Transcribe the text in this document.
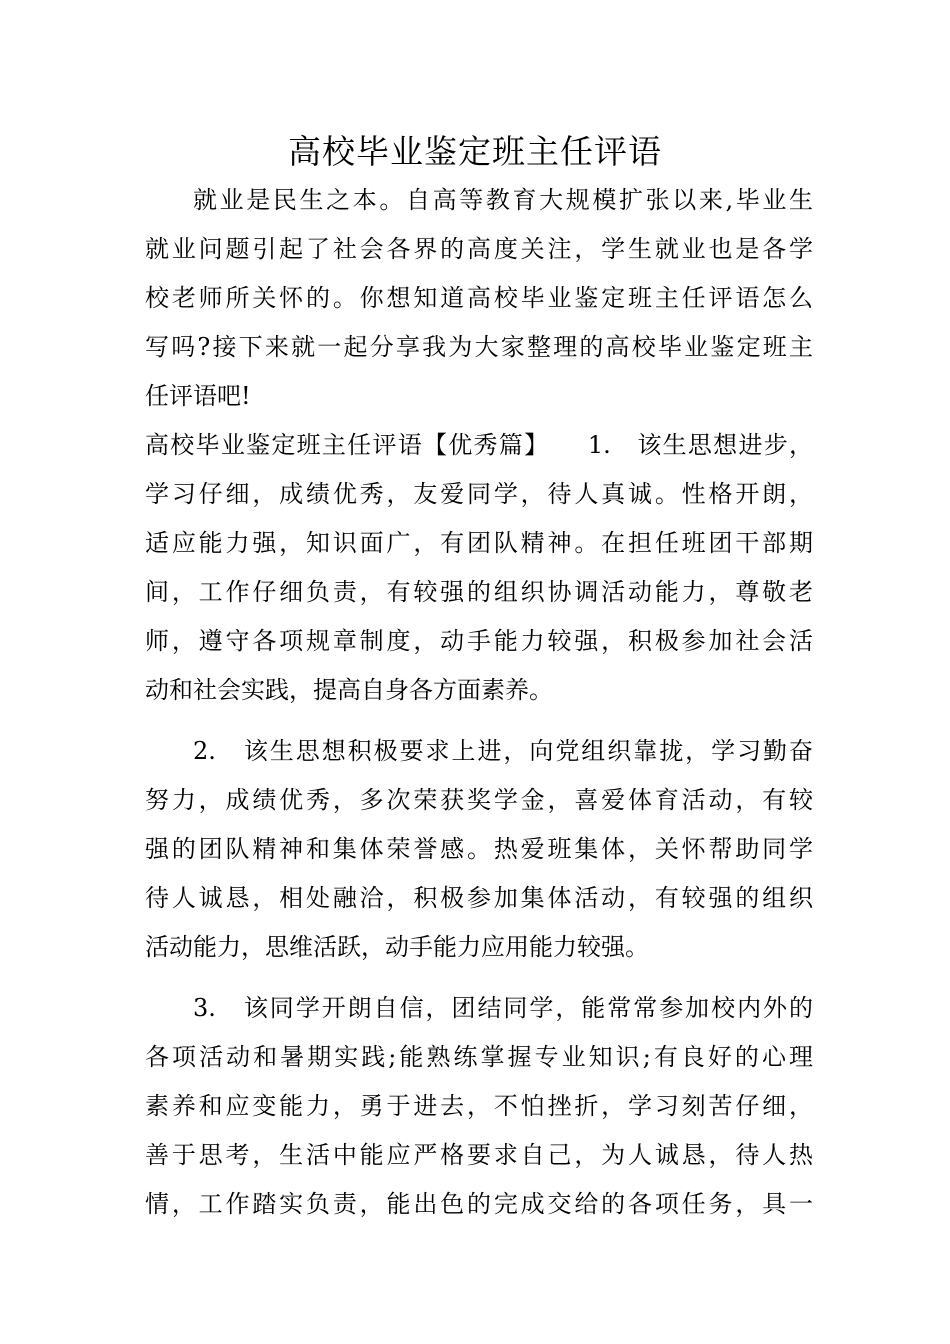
高校毕业鉴定班主任评语
就业是民生之本。自高等教育大规模扩张以来,毕业生
就业问题引起了社会各界的高度关注，学生就业也是各学
校老师所关怀的。你想知道高校毕业鉴定班主任评语怎么
写吗?接下来就一起分享我为大家整理的高校毕业鉴定班主
任评语吧!
高校毕业鉴定班主任评语【优秀篇】　　1.　该生思想进步，
学习仔细，成绩优秀，友爱同学，待人真诚。性格开朗，
适应能力强，知识面广，有团队精神。在担任班团干部期
间，工作仔细负责，有较强的组织协调活动能力，尊敬老
师，遵守各项规章制度，动手能力较强，积极参加社会活
动和社会实践，提高自身各方面素养。
2.　该生思想积极要求上进，向党组织靠拢，学习勤奋
努力，成绩优秀，多次荣获奖学金，喜爱体育活动，有较
强的团队精神和集体荣誉感。热爱班集体，关怀帮助同学
待人诚恳，相处融洽，积极参加集体活动，有较强的组织
活动能力，思维活跃，动手能力应用能力较强。
3.　该同学开朗自信，团结同学，能常常参加校内外的
各项活动和暑期实践;能熟练掌握专业知识;有良好的心理
素养和应变能力，勇于进去，不怕挫折，学习刻苦仔细，
善于思考，生活中能应严格要求自己，为人诚恳，待人热
情，工作踏实负责，能出色的完成交给的各项任务，具一
